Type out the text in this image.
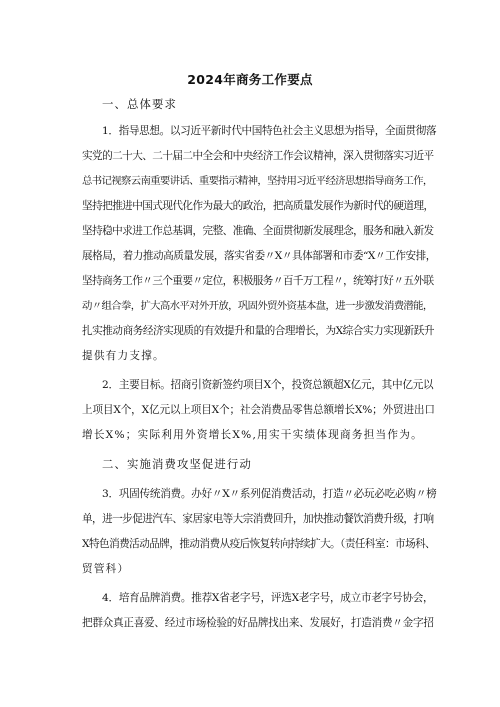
2024年商务工作要点
一、总体要求
1．指导思想。以习近平新时代中国特色社会主义思想为指导，全面贯彻落
实党的二十大、二十届二中全会和中央经济工作会议精神，深入贯彻落实习近平
总书记视察云南重要讲话、重要指示精神，坚持用习近平经济思想指导商务工作，
坚持把推进中国式现代化作为最大的政治，把高质量发展作为新时代的硬道理，
坚持稳中求进工作总基调，完整、准确、全面贯彻新发展理念，服务和融入新发
展格局，着力推动高质量发展，落实省委〃X〃具体部署和市委“X〃工作安排，
坚持商务工作〃三个重要〃定位，积极服务〃百千万工程〃，统筹打好〃五外联
动〃组合拳，扩大高水平对外开放，巩固外贸外资基本盘，进一步激发消费潜能，
扎实推动商务经济实现质的有效提升和量的合理增长，为X综合实力实现新跃升
提供有力支撑。
2．主要目标。招商引资新签约项目X个，投资总额超X亿元，其中亿元以
上项目X个，X亿元以上项目X个；社会消费品零售总额增长X%；外贸进出口
增长X%；实际利用外资增长X%,用实干实绩体现商务担当作为。
二、实施消费攻坚促进行动
3．巩固传统消费。办好〃X〃系列促消费活动，打造〃必玩必吃必购〃榜
单，进一步促进汽车、家居家电等大宗消费回升，加快推动餐饮消费升级，打响
X特色消费活动品牌，推动消费从疫后恢复转向持续扩大。（责任科室：市场科、
贸管科）
4．培育品牌消费。推荐X省老字号，评选X老字号，成立市老字号协会，
把群众真正喜爱、经过市场检验的好品牌找出来、发展好，打造消费〃金字招
